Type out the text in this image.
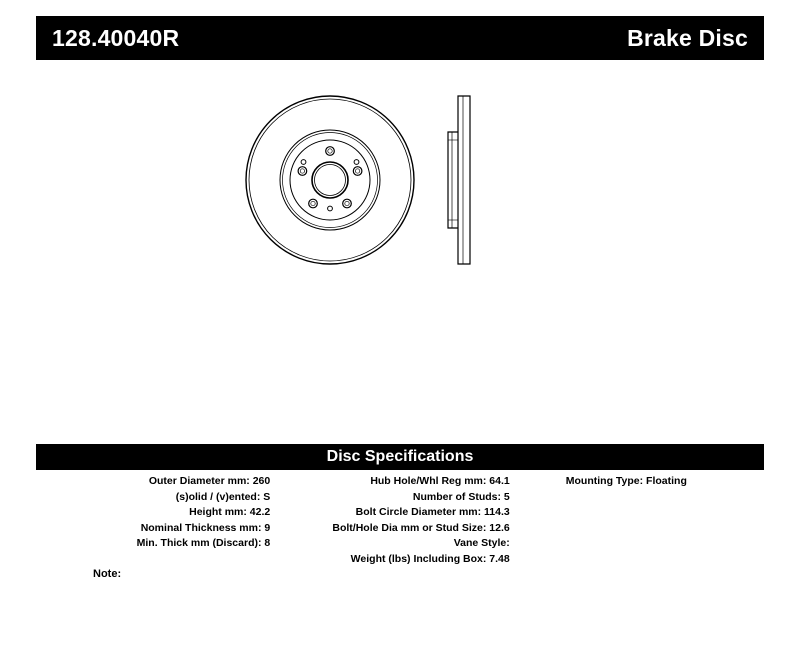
128.40040R	Brake Disc
Disc Specifications
Outer Diameter mm: 260
(s)olid / (v)ented: S
Height mm: 42.2
Nominal Thickness mm: 9
Min. Thick mm (Discard): 8
Hub Hole/Whl Reg mm: 64.1
Number of Studs: 5
Bolt Circle Diameter mm: 114.3
Bolt/Hole Dia mm or Stud Size: 12.6
Vane Style:
Weight (lbs) Including Box: 7.48
Mounting Type: Floating
Note:
